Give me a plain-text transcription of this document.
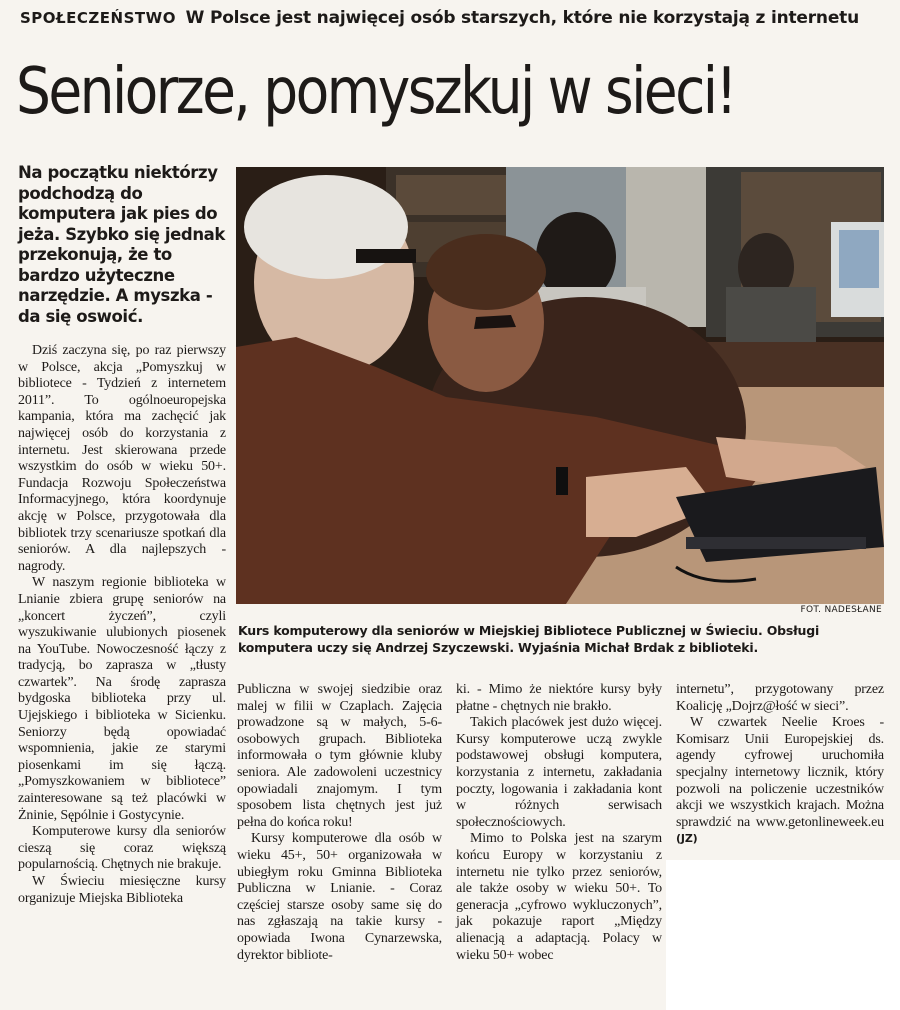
SPOŁECZEŃSTWO W Polsce jest najwięcej osób starszych, które nie korzystają z internetu
Seniorze, pomyszkuj w sieci!
Na początku niektórzy podchodzą do komputera jak pies do jeża. Szybko się jednak przekonują, że to bardzo użyteczne narzędzie. A myszka - da się oswoić.
FOT. NADESŁANE
Kurs komputerowy dla seniorów w Miejskiej Bibliotece Publicznej w Świeciu. Obsługi komputera uczy się Andrzej Szyczewski. Wyjaśnia Michał Brdak z biblioteki.

Dziś zaczyna się, po raz pierwszy w Polsce, akcja „Pomyszkuj w bibliotece - Tydzień z internetem 2011”. To ogólnoeuropejska kampania, która ma zachęcić jak najwięcej osób do korzystania z internetu. Jest skierowana przede wszystkim do osób w wieku 50+. Fundacja Rozwoju Społeczeństwa Informacyjnego, która koordynuje akcję w Polsce, przygotowała dla bibliotek trzy scenariusze spotkań dla seniorów. A dla najlepszych - nagrody.

W naszym regionie biblioteka w Lnianie zbiera grupę seniorów na „koncert życzeń”, czyli wyszukiwanie ulubionych piosenek na YouTube. Nowoczesność łączy z tradycją, bo zaprasza w „tłusty czwartek”. Na środę zaprasza bydgoska biblioteka przy ul. Ujejskiego i biblioteka w Sicienku. Seniorzy będą opowiadać wspomnienia, jakie ze starymi piosenkami im się łączą. „Pomyszkowaniem w bibliotece” zainteresowane są też placówki w Żninie, Sępólnie i Gostycynie.

Komputerowe kursy dla seniorów cieszą się coraz większą popularnością. Chętnych nie brakuje.

W Świeciu miesięczne kursy organizuje Miejska Biblioteka

Publiczna w swojej siedzibie oraz malej w filii w Czaplach. Zajęcia prowadzone są w małych, 5-6-osobowych grupach. Biblioteka informowała o tym głównie kluby seniora. Ale zadowoleni uczestnicy opowiadali znajomym. I tym sposobem lista chętnych jest już pełna do końca roku!

Kursy komputerowe dla osób w wieku 45+, 50+ organizowała w ubiegłym roku Gminna Biblioteka Publiczna w Lnianie. - Coraz częściej starsze osoby same się do nas zgłaszają na takie kursy - opowiada Iwona Cynarzewska, dyrektor bibliote-

ki. - Mimo że niektóre kursy były płatne - chętnych nie brakło.

Takich placówek jest dużo więcej. Kursy komputerowe uczą zwykle podstawowej obsługi komputera, korzystania z internetu, zakładania poczty, logowania i zakładania kont w różnych serwisach społecznościowych.

Mimo to Polska jest na szarym końcu Europy w korzystaniu z internetu nie tylko przez seniorów, ale także osoby w wieku 50+. To generacja „cyfrowo wykluczonych”, jak pokazuje raport „Między alienacją a adaptacją. Polacy w wieku 50+ wobec

internetu”, przygotowany przez Koalicję „Dojrz@łość w sieci”.

W czwartek Neelie Kroes - Komisarz Unii Europejskiej ds. agendy cyfrowej uruchomiła specjalny internetowy licznik, który pozwoli na policzenie uczestników akcji we wszystkich krajach. Można sprawdzić na www.getonlineweek.eu (JZ)
